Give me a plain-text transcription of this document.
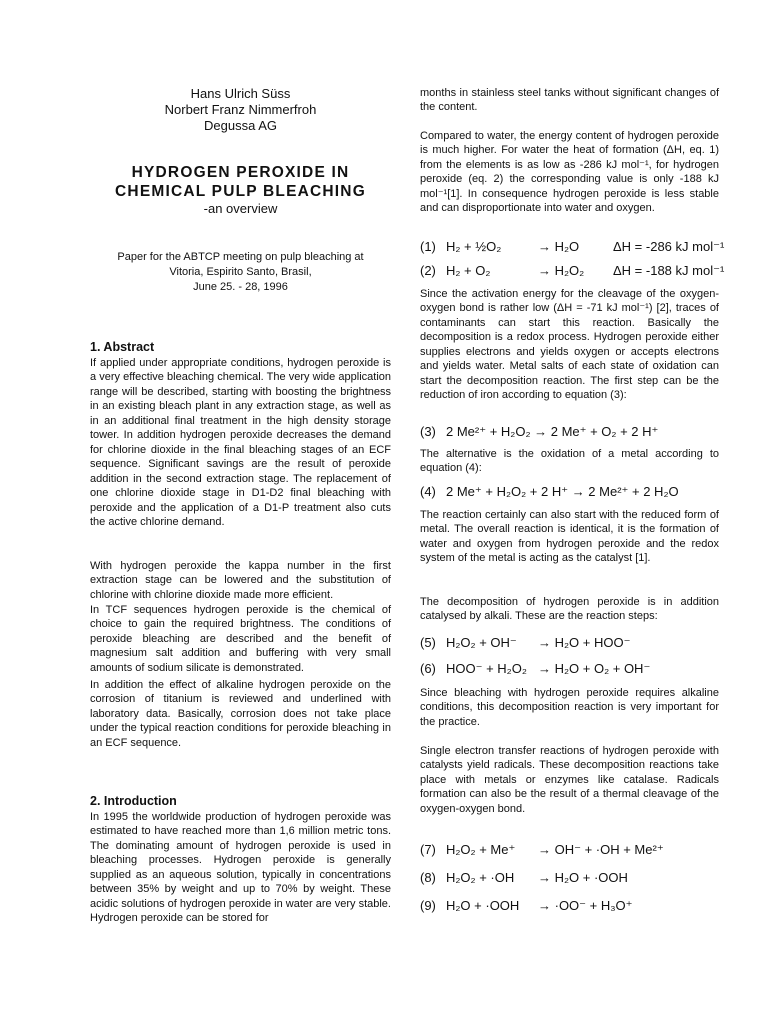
Hans Ulrich Süss
Norbert Franz Nimmerfroh
Degussa AG
HYDROGEN PEROXIDE IN
CHEMICAL PULP BLEACHING
-an overview
Paper for the ABTCP meeting on pulp bleaching at
Vitoria, Espirito Santo, Brasil,
June 25. - 28, 1996
1. Abstract
If applied under appropriate conditions, hydrogen peroxide is a very effective bleaching chemical. The very wide application range will be described, starting with boosting the brightness in an existing bleach plant in any extraction stage, as well as in an additional final treatment in the high density storage tower. In addition hydrogen peroxide decreases the demand for chlorine dioxide in the final bleaching stages of an ECF sequence. Significant savings are the result of peroxide addition in the second extraction stage. The replacement of one chlorine dioxide stage in D1-D2 final bleaching with peroxide and the application of a D1-P treatment also cuts the active chlorine demand.
With hydrogen peroxide the kappa number in the first extraction stage can be lowered and the substitution of chlorine with chlorine dioxide made more efficient.
In TCF sequences hydrogen peroxide is the chemical of choice to gain the required brightness. The conditions of peroxide bleaching are described and the benefit of magnesium salt addition and buffering with very small amounts of sodium silicate is demonstrated.
In addition the effect of alkaline hydrogen peroxide on the corrosion of titanium is reviewed and underlined with laboratory data. Basically, corrosion does not take place under the typical reaction conditions for peroxide bleaching in an ECF sequence.
2. Introduction
In 1995 the worldwide production of hydrogen peroxide was estimated to have reached more than 1,6 million metric tons. The dominating amount of hydrogen peroxide is used in bleaching processes. Hydrogen peroxide is generally supplied as an aqueous solution, typically in concentrations between 35% by weight and up to 70% by weight. These acidic solutions of hydrogen peroxide in water are very stable. Hydrogen peroxide can be stored for
months in stainless steel tanks without significant changes of the content.
Compared to water, the energy content of hydrogen peroxide is much higher. For water the heat of formation (ΔH, eq. 1) from the elements is as low as -286 kJ mol⁻¹, for hydrogen peroxide (eq. 2) the corresponding value is only -188 kJ mol⁻¹[1]. In consequence hydrogen peroxide is less stable and can disproportionate into water and oxygen.
(1) H₂ + ½O₂	→ H₂O	ΔH = -286 kJ mol⁻¹
(2) H₂ + O₂	→ H₂O₂ ΔH = -188 kJ mol⁻¹
Since the activation energy for the cleavage of the oxygen-oxygen bond is rather low (ΔH = -71 kJ mol⁻¹) [2], traces of contaminants can start this reaction. Basically the decomposition is a redox process. Hydrogen peroxide either supplies electrons and yields oxygen or accepts electrons and yields water. Metal salts of each state of oxidation can start the decomposition reaction. The first step can be the reduction of iron according to equation (3):
(3) 2 Me²⁺ + H₂O₂ → 2 Me⁺ + O₂ + 2 H⁺
The alternative is the oxidation of a metal according to equation (4):
(4) 2 Me⁺ + H₂O₂ + 2 H⁺ → 2 Me²⁺ + 2 H₂O
The reaction certainly can also start with the reduced form of metal. The overall reaction is identical, it is the formation of water and oxygen from hydrogen peroxide and the redox system of the metal is acting as the catalyst [1].
The decomposition of hydrogen peroxide is in addition catalysed by alkali. These are the reaction steps:
(5) H₂O₂ + OH⁻ → H₂O + HOO⁻
(6) HOO⁻ + H₂O₂ → H₂O + O₂ + OH⁻
Since bleaching with hydrogen peroxide requires alkaline conditions, this decomposition reaction is very important for the practice.
Single electron transfer reactions of hydrogen peroxide with catalysts yield radicals. These decomposition reactions take place with metals or enzymes like catalase. Radicals formation can also be the result of a thermal cleavage of the oxygen-oxygen bond.
(7) H₂O₂ + Me⁺ → OH⁻ + ·OH + Me²⁺
(8) H₂O₂ + ·OH → H₂O + ·OOH
(9) H₂O + ·OOH → ·OO⁻ + H₃O⁺
